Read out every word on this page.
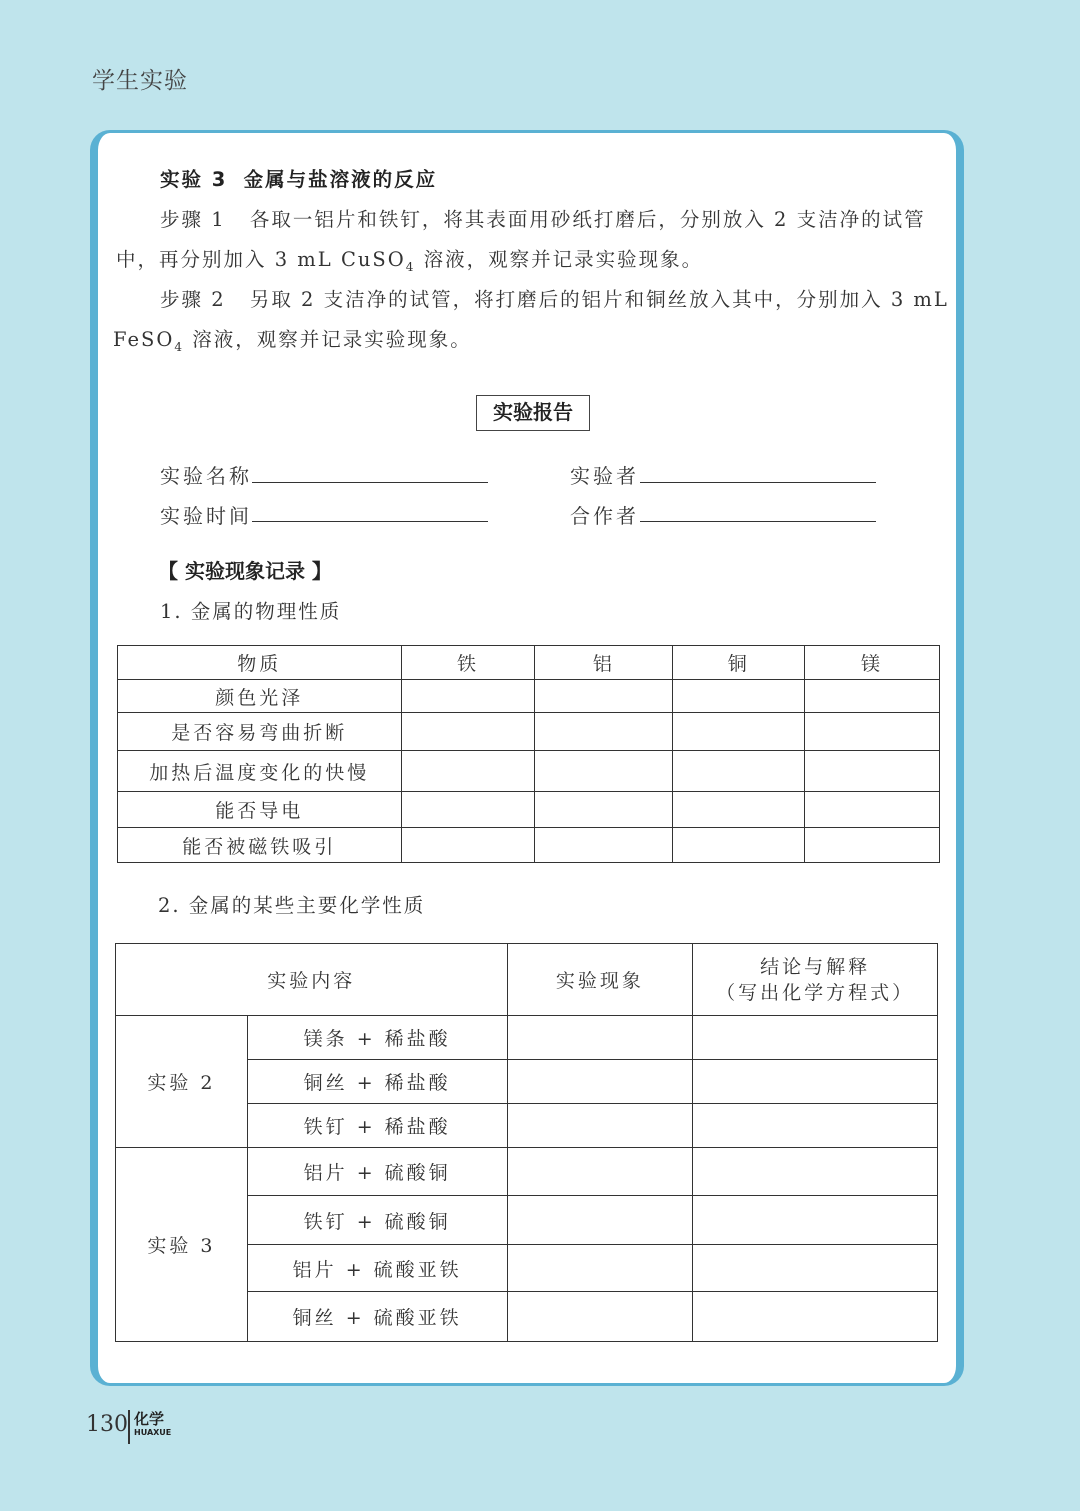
学生实验
实验 3 金属与盐溶液的反应
步骤 1 各取一铝片和铁钉，将其表面用砂纸打磨后，分别放入 2 支洁净的试管
中，再分别加入 3 mL CuSO$_4$ 溶液，观察并记录实验现象。
步骤 2 另取 2 支洁净的试管，将打磨后的铝片和铜丝放入其中，分别加入 3 mL
FeSO$_4$ 溶液，观察并记录实验现象。
实验报告
实验名称	实验者
实验时间	合作者
【 实验现象记录 】
1. 金属的物理性质
物质	铁	铝	铜	镁
颜色光泽				
是否容易弯曲折断				
加热后温度变化的快慢				
能否导电				
能否被磁铁吸引				
2. 金属的某些主要化学性质
实验内容		实验现象	结论与解释
（写出化学方程式）

实验 2	镁条 + 稀盐酸		
	铜丝 + 稀盐酸		
	铁钉 + 稀盐酸		
实验 3	铝片 + 硫酸铜		
	铁钉 + 硫酸铜		
	铝片 + 硫酸亚铁		
	铜丝 + 硫酸亚铁		
130 化学
HUAXUE
